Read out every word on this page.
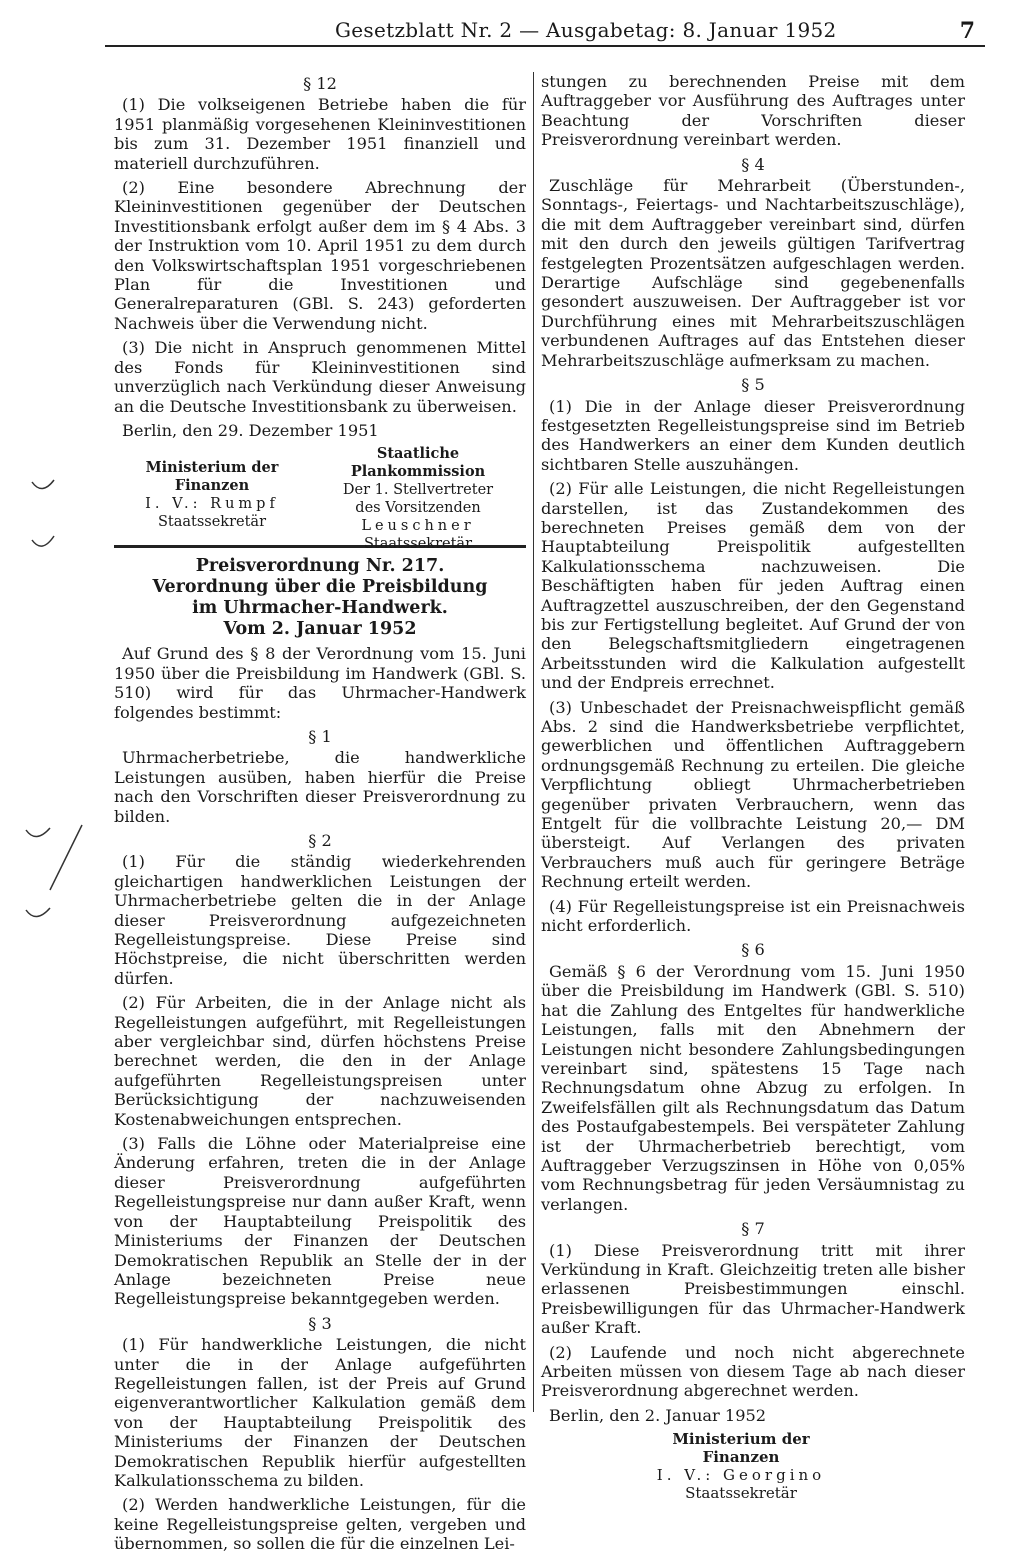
Gesetzblatt Nr. 2 — Ausgabetag: 8. Januar 1952	7
§ 12

(1) Die volkseigenen Betriebe haben die für 1951 planmäßig vorgesehenen Kleininvestitionen bis zum 31. Dezember 1951 finanziell und materiell durchzuführen.

(2) Eine besondere Abrechnung der Kleininvestitionen gegenüber der Deutschen Investitionsbank erfolgt außer dem im § 4 Abs. 3 der Instruktion vom 10. April 1951 zu dem durch den Volkswirtschaftsplan 1951 vorgeschriebenen Plan für die Investitionen und Generalreparaturen (GBl. S. 243) geforderten Nachweis über die Verwendung nicht.

(3) Die nicht in Anspruch genommenen Mittel des Fonds für Kleininvestitionen sind unverzüglich nach Verkündung dieser Anweisung an die Deutsche Investitionsbank zu überweisen.

Berlin, den 29. Dezember 1951

Ministerium der Finanzen
I. V.: Rumpf
Staatssekretär
Staatliche Plankommission
Der 1. Stellvertreter
des Vorsitzenden
Leuschner
Staatssekretär

Preisverordnung Nr. 217.

Verordnung über die Preisbildung

im Uhrmacher-Handwerk.

Vom 2. Januar 1952

Auf Grund des § 8 der Verordnung vom 15. Juni 1950 über die Preisbildung im Handwerk (GBl. S. 510) wird für das Uhrmacher-Handwerk folgendes bestimmt:

§ 1

Uhrmacherbetriebe, die handwerkliche Leistungen ausüben, haben hierfür die Preise nach den Vorschriften dieser Preisverordnung zu bilden.

§ 2

(1) Für die ständig wiederkehrenden gleichartigen handwerklichen Leistungen der Uhrmacherbetriebe gelten die in der Anlage dieser Preisverordnung aufgezeichneten Regelleistungspreise. Diese Preise sind Höchstpreise, die nicht überschritten werden dürfen.

(2) Für Arbeiten, die in der Anlage nicht als Regelleistungen aufgeführt, mit Regelleistungen aber vergleichbar sind, dürfen höchstens Preise berechnet werden, die den in der Anlage aufgeführten Regelleistungspreisen unter Berücksichtigung der nachzuweisenden Kostenabweichungen entsprechen.

(3) Falls die Löhne oder Materialpreise eine Änderung erfahren, treten die in der Anlage dieser Preisverordnung aufgeführten Regelleistungspreise nur dann außer Kraft, wenn von der Hauptabteilung Preispolitik des Ministeriums der Finanzen der Deutschen Demokratischen Republik an Stelle der in der Anlage bezeichneten Preise neue Regelleistungspreise bekanntgegeben werden.

§ 3

(1) Für handwerkliche Leistungen, die nicht unter die in der Anlage aufgeführten Regelleistungen fallen, ist der Preis auf Grund eigenverantwortlicher Kalkulation gemäß dem von der Hauptabteilung Preispolitik des Ministeriums der Finanzen der Deutschen Demokratischen Republik hierfür aufgestellten Kalkulationsschema zu bilden.

(2) Werden handwerkliche Leistungen, für die keine Regelleistungspreise gelten, vergeben und übernommen, so sollen die für die einzelnen Lei-

stungen zu berechnenden Preise mit dem Auftraggeber vor Ausführung des Auftrages unter Beachtung der Vorschriften dieser Preisverordnung vereinbart werden.

§ 4

Zuschläge für Mehrarbeit (Überstunden-, Sonntags-, Feiertags- und Nachtarbeitszuschläge), die mit dem Auftraggeber vereinbart sind, dürfen mit den durch den jeweils gültigen Tarifvertrag festgelegten Prozentsätzen aufgeschlagen werden. Derartige Aufschläge sind gegebenenfalls gesondert auszuweisen. Der Auftraggeber ist vor Durchführung eines mit Mehrarbeitszuschlägen verbundenen Auftrages auf das Entstehen dieser Mehrarbeitszuschläge aufmerksam zu machen.

§ 5

(1) Die in der Anlage dieser Preisverordnung festgesetzten Regelleistungspreise sind im Betrieb des Handwerkers an einer dem Kunden deutlich sichtbaren Stelle auszuhängen.

(2) Für alle Leistungen, die nicht Regelleistungen darstellen, ist das Zustandekommen des berechneten Preises gemäß dem von der Hauptabteilung Preispolitik aufgestellten Kalkulationsschema nachzuweisen. Die Beschäftigten haben für jeden Auftrag einen Auftragzettel auszuschreiben, der den Gegenstand bis zur Fertigstellung begleitet. Auf Grund der von den Belegschaftsmitgliedern eingetragenen Arbeitsstunden wird die Kalkulation aufgestellt und der Endpreis errechnet.

(3) Unbeschadet der Preisnachweispflicht gemäß Abs. 2 sind die Handwerksbetriebe verpflichtet, gewerblichen und öffentlichen Auftraggebern ordnungsgemäß Rechnung zu erteilen. Die gleiche Verpflichtung obliegt Uhrmacherbetrieben gegenüber privaten Verbrauchern, wenn das Entgelt für die vollbrachte Leistung 20,— DM übersteigt. Auf Verlangen des privaten Verbrauchers muß auch für geringere Beträge Rechnung erteilt werden.

(4) Für Regelleistungspreise ist ein Preisnachweis nicht erforderlich.

§ 6

Gemäß § 6 der Verordnung vom 15. Juni 1950 über die Preisbildung im Handwerk (GBl. S. 510) hat die Zahlung des Entgeltes für handwerkliche Leistungen, falls mit den Abnehmern der Leistungen nicht besondere Zahlungsbedingungen vereinbart sind, spätestens 15 Tage nach Rechnungsdatum ohne Abzug zu erfolgen. In Zweifelsfällen gilt als Rechnungsdatum das Datum des Postaufgabestempels. Bei verspäteter Zahlung ist der Uhrmacherbetrieb berechtigt, vom Auftraggeber Verzugszinsen in Höhe von 0,05% vom Rechnungsbetrag für jeden Versäumnistag zu verlangen.

§ 7

(1) Diese Preisverordnung tritt mit ihrer Verkündung in Kraft. Gleichzeitig treten alle bisher erlassenen Preisbestimmungen einschl. Preisbewilligungen für das Uhrmacher-Handwerk außer Kraft.

(2) Laufende und noch nicht abgerechnete Arbeiten müssen von diesem Tage ab nach dieser Preisverordnung abgerechnet werden.

Berlin, den 2. Januar 1952

Ministerium der Finanzen
I. V.: Georgino
Staatssekretär
